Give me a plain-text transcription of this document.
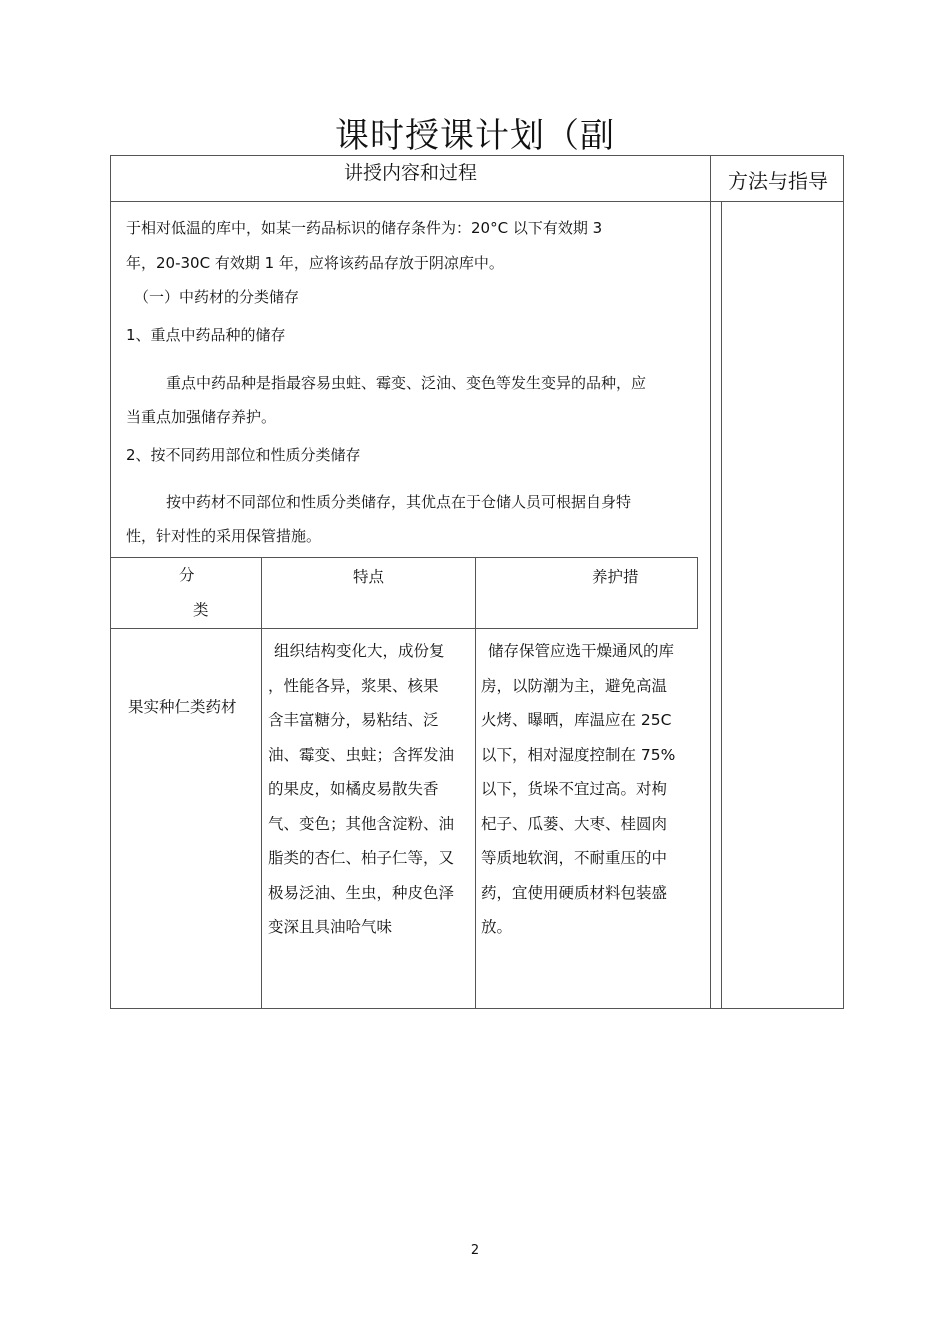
课时授课计划（副
讲授内容和过程	方法与指导
于相对低温的库中，如某一药品标识的储存条件为：20°C 以下有效期 3
年，20-30C 有效期 1 年，应将该药品存放于阴凉库中。
（一）中药材的分类储存
1、重点中药品种的储存
重点中药品种是指最容易虫蛀、霉变、泛油、变色等发生变异的品种，应
当重点加强储存养护。
2、按不同药用部位和性质分类储存
按中药材不同部位和性质分类储存，其优点在于仓储人员可根据自身特
性，针对性的采用保管措施。
分
类
特点	养护措
果实种仁类药材
组织结构变化大，成份复
，性能各异，浆果、核果
含丰富糖分，易粘结、泛
油、霉变、虫蛀；含挥发油
的果皮，如橘皮易散失香
气、变色；其他含淀粉、油
脂类的杏仁、柏子仁等，又
极易泛油、生虫，种皮色泽
变深且具油哈气味
储存保管应选干燥通风的库
房，以防潮为主，避免高温
火烤、曝晒，库温应在 25C
以下，相对湿度控制在 75%
以下，货垛不宜过高。对枸
杞子、瓜蒌、大枣、桂圆肉
等质地软润，不耐重压的中
药，宜使用硬质材料包装盛
放。
2
